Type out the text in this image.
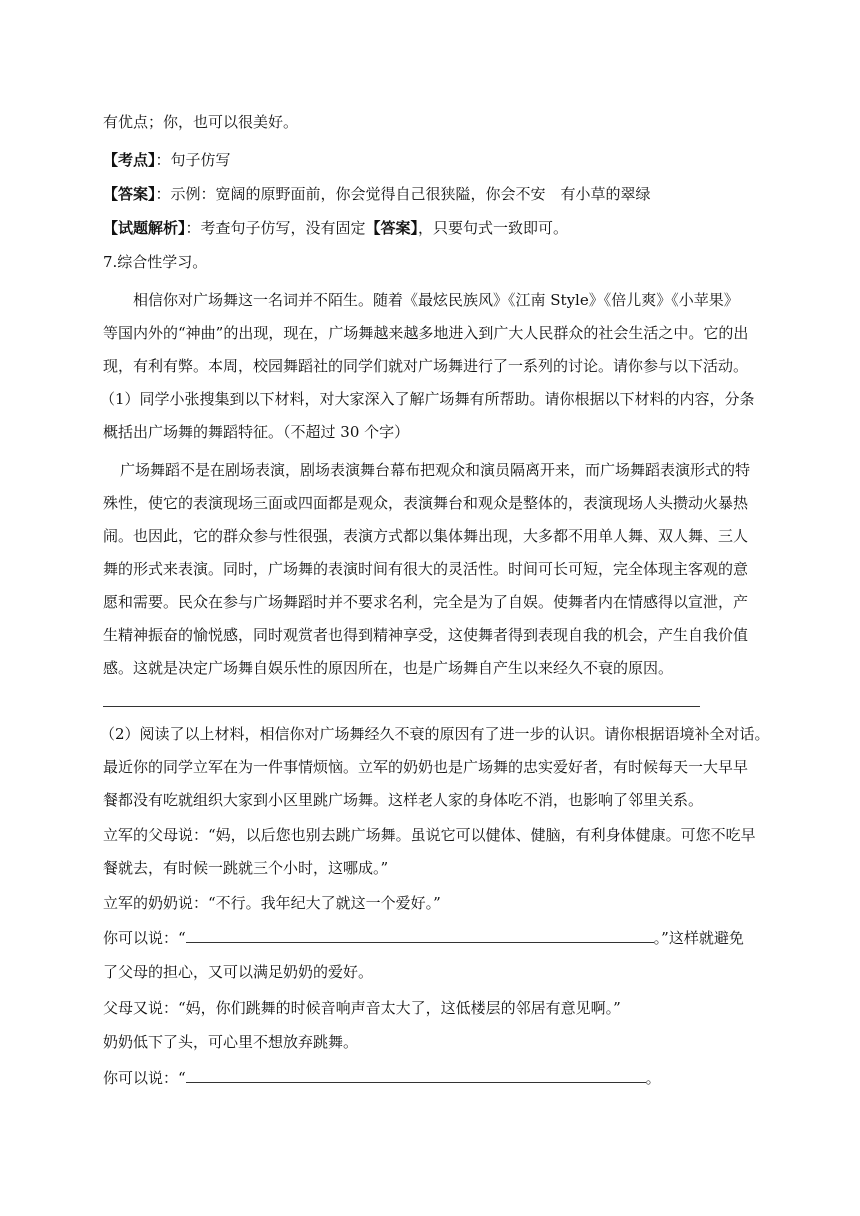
有优点；你，也可以很美好。
【考点】：句子仿写
【答案】：示例：宽阔的原野面前，你会觉得自己很狭隘，你会不安　有小草的翠绿
【试题解析】：考查句子仿写，没有固定【答案】，只要句式一致即可。
7.综合性学习。
相信你对广场舞这一名词并不陌生。随着《最炫民族风》《江南 Style》《倍儿爽》《小苹果》
等国内外的“神曲”的出现，现在，广场舞越来越多地进入到广大人民群众的社会生活之中。它的出
现，有利有弊。本周，校园舞蹈社的同学们就对广场舞进行了一系列的讨论。请你参与以下活动。
（1）同学小张搜集到以下材料，对大家深入了解广场舞有所帮助。请你根据以下材料的内容，分条
概括出广场舞的舞蹈特征。（不超过 30 个字）
广场舞蹈不是在剧场表演，剧场表演舞台幕布把观众和演员隔离开来，而广场舞蹈表演形式的特
殊性，使它的表演现场三面或四面都是观众，表演舞台和观众是整体的，表演现场人头攒动火暴热
闹。也因此，它的群众参与性很强，表演方式都以集体舞出现，大多都不用单人舞、双人舞、三人
舞的形式来表演。同时，广场舞的表演时间有很大的灵活性。时间可长可短，完全体现主客观的意
愿和需要。民众在参与广场舞蹈时并不要求名利，完全是为了自娱。使舞者内在情感得以宣泄，产
生精神振奋的愉悦感，同时观赏者也得到精神享受，这使舞者得到表现自我的机会，产生自我价值
感。这就是决定广场舞自娱乐性的原因所在，也是广场舞自产生以来经久不衰的原因。
（2）阅读了以上材料，相信你对广场舞经久不衰的原因有了进一步的认识。请你根据语境补全对话。
最近你的同学立军在为一件事情烦恼。立军的奶奶也是广场舞的忠实爱好者，有时候每天一大早早
餐都没有吃就组织大家到小区里跳广场舞。这样老人家的身体吃不消，也影响了邻里关系。
立军的父母说：“妈，以后您也别去跳广场舞。虽说它可以健体、健脑，有利身体健康。可您不吃早
餐就去，有时候一跳就三个小时，这哪成。”
立军的奶奶说：“不行。我年纪大了就这一个爱好。”
你可以说：“	。”这样就避免
了父母的担心，又可以满足奶奶的爱好。
父母又说：“妈，你们跳舞的时候音响声音太大了，这低楼层的邻居有意见啊。”
奶奶低下了头，可心里不想放弃跳舞。
你可以说：“	。
